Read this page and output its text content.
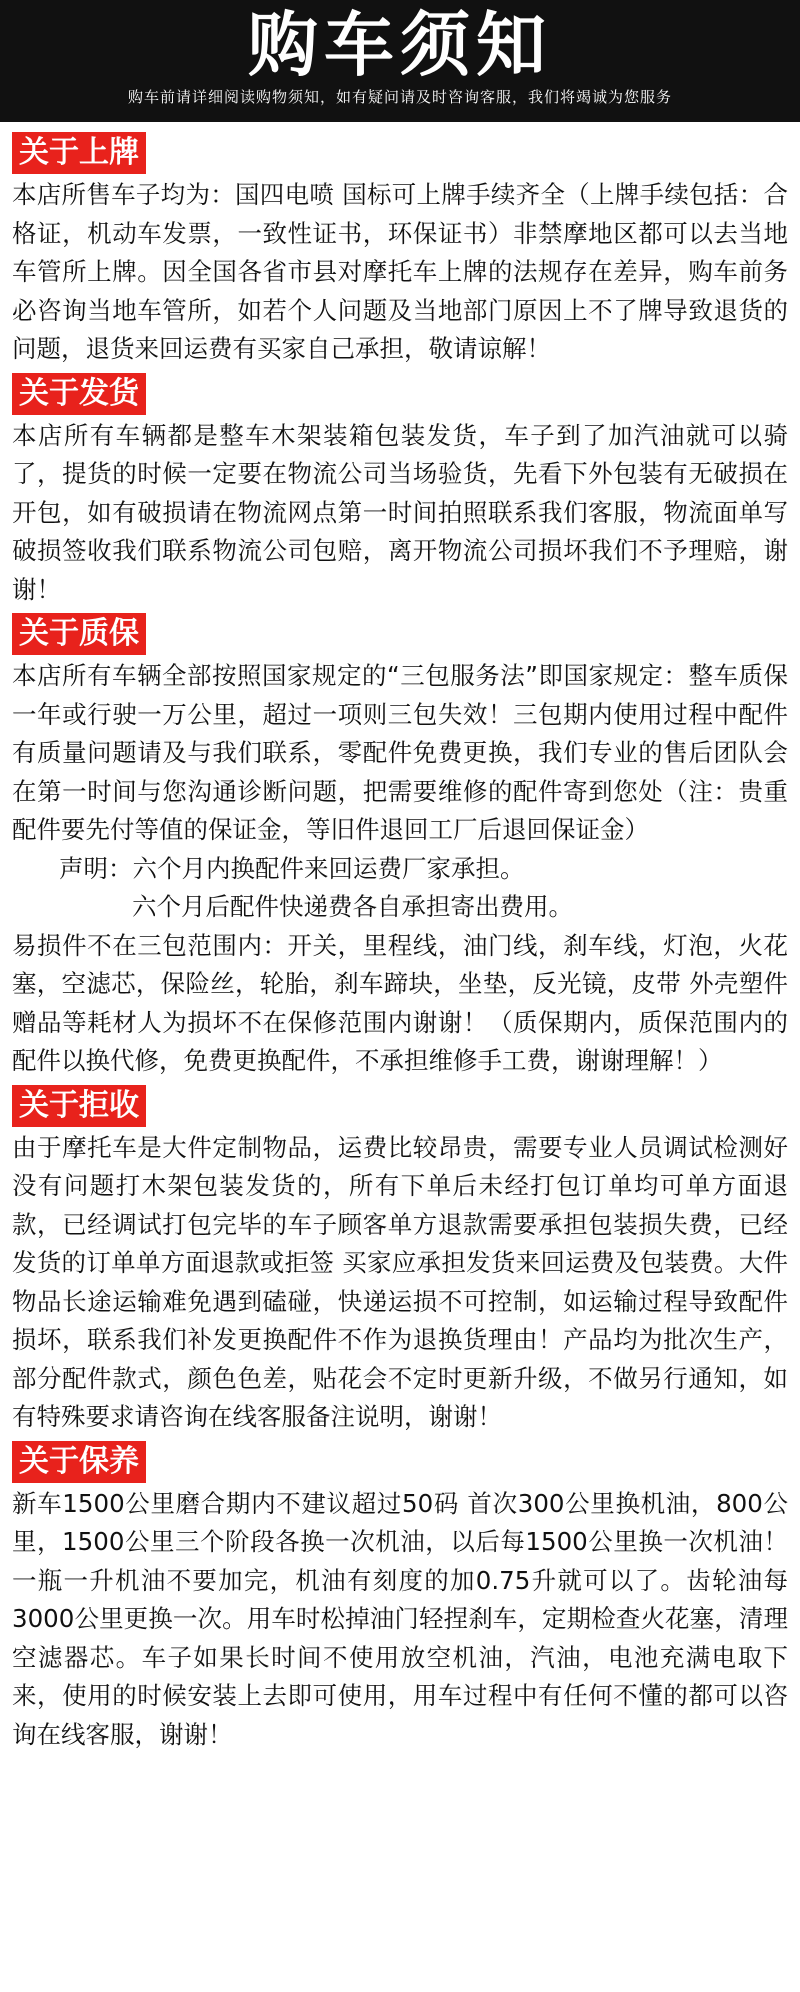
购车须知
购车前请详细阅读购物须知，如有疑问请及时咨询客服，我们将竭诚为您服务
关于上牌

本店所售车子均为：国四电喷 国标可上牌手续齐全（上牌手续包括：合格证，机动车发票，一致性证书，环保证书）非禁摩地区都可以去当地车管所上牌。因全国各省市县对摩托车上牌的法规存在差异，购车前务必咨询当地车管所，如若个人问题及当地部门原因上不了牌导致退货的问题，退货来回运费有买家自己承担，敬请谅解！

关于发货

本店所有车辆都是整车木架装箱包装发货，车子到了加汽油就可以骑了，提货的时候一定要在物流公司当场验货，先看下外包装有无破损在开包，如有破损请在物流网点第一时间拍照联系我们客服，物流面单写破损签收我们联系物流公司包赔，离开物流公司损坏我们不予理赔，谢谢！

关于质保

本店所有车辆全部按照国家规定的“三包服务法”即国家规定：整车质保一年或行驶一万公里，超过一项则三包失效！三包期内使用过程中配件有质量问题请及与我们联系，零配件免费更换，我们专业的售后团队会在第一时间与您沟通诊断问题，把需要维修的配件寄到您处（注：贵重配件要先付等值的保证金，等旧件退回工厂后退回保证金）

声明：六个月内换配件来回运费厂家承担。

六个月后配件快递费各自承担寄出费用。

易损件不在三包范围内：开关，里程线，油门线，刹车线，灯泡，火花塞，空滤芯，保险丝，轮胎，刹车蹄块，坐垫，反光镜，皮带 外壳塑件 赠品等耗材人为损坏不在保修范围内谢谢！（质保期内，质保范围内的配件以换代修，免费更换配件，不承担维修手工费，谢谢理解！）

关于拒收

由于摩托车是大件定制物品，运费比较昂贵，需要专业人员调试检测好没有问题打木架包装发货的，所有下单后未经打包订单均可单方面退款，已经调试打包完毕的车子顾客单方退款需要承担包装损失费，已经发货的订单单方面退款或拒签 买家应承担发货来回运费及包装费。大件物品长途运输难免遇到磕碰，快递运损不可控制，如运输过程导致配件损坏，联系我们补发更换配件不作为退换货理由！产品均为批次生产，部分配件款式，颜色色差，贴花会不定时更新升级，不做另行通知，如有特殊要求请咨询在线客服备注说明，谢谢！

关于保养

新车1500公里磨合期内不建议超过50码 首次300公里换机油，800公里，1500公里三个阶段各换一次机油，以后每1500公里换一次机油！一瓶一升机油不要加完，机油有刻度的加0.75升就可以了。齿轮油每3000公里更换一次。用车时松掉油门轻捏刹车，定期检查火花塞，清理空滤器芯。车子如果长时间不使用放空机油，汽油，电池充满电取下来，使用的时候安装上去即可使用，用车过程中有任何不懂的都可以咨询在线客服，谢谢！
